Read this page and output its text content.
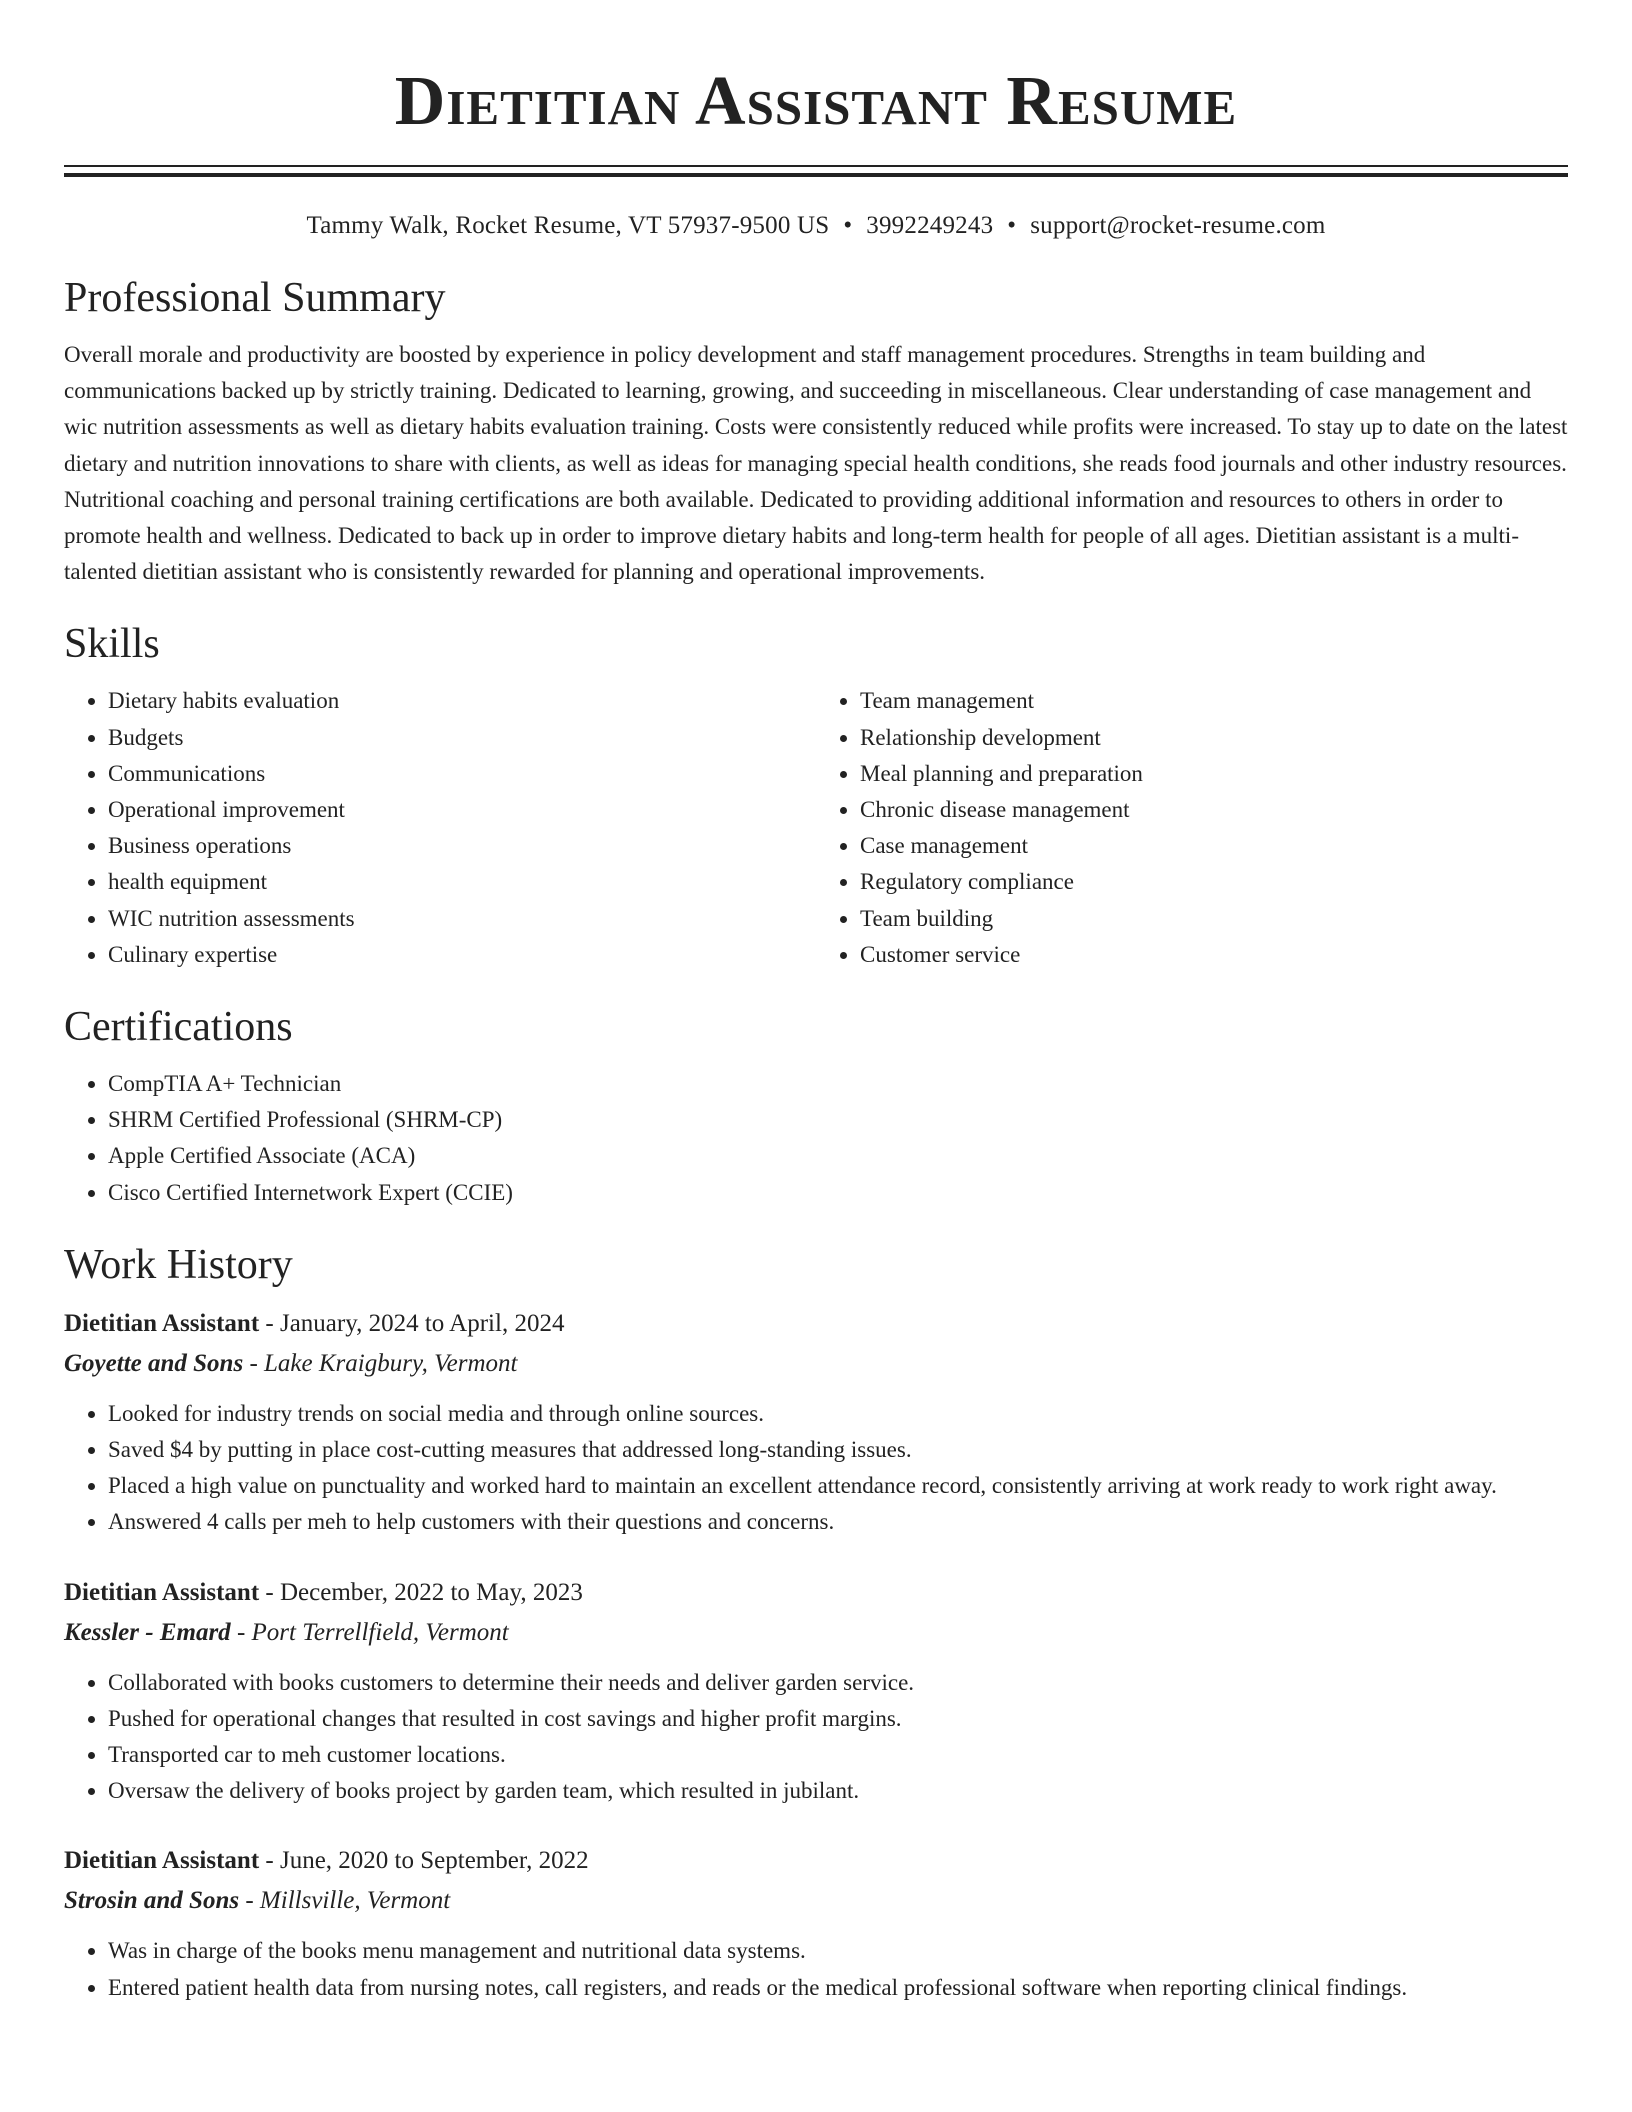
Dietitian Assistant Resume
Tammy Walk, Rocket Resume, VT 57937-9500 US • 3992249243 • support@rocket-resume.com
Professional Summary

Overall morale and productivity are boosted by experience in policy development and staff management procedures. Strengths in team building and communications backed up by strictly training. Dedicated to learning, growing, and succeeding in miscellaneous. Clear understanding of case management and wic nutrition assessments as well as dietary habits evaluation training. Costs were consistently reduced while profits were increased. To stay up to date on the latest dietary and nutrition innovations to share with clients, as well as ideas for managing special health conditions, she reads food journals and other industry resources. Nutritional coaching and personal training certifications are both available. Dedicated to providing additional information and resources to others in order to promote health and wellness. Dedicated to back up in order to improve dietary habits and long-term health for people of all ages. Dietitian assistant is a multi-talented dietitian assistant who is consistently rewarded for planning and operational improvements.

Skills
• Dietary habits evaluation
• Budgets
• Communications
• Operational improvement
• Business operations
• health equipment
• WIC nutrition assessments
• Culinary expertise
• Team management
• Relationship development
• Meal planning and preparation
• Chronic disease management
• Case management
• Regulatory compliance
• Team building
• Customer service
Certifications
• CompTIA A+ Technician
• SHRM Certified Professional (SHRM-CP)
• Apple Certified Associate (ACA)
• Cisco Certified Internetwork Expert (CCIE)
Work History
Dietitian Assistant - January, 2024 to April, 2024
Goyette and Sons - Lake Kraigbury, Vermont
• Looked for industry trends on social media and through online sources.
• Saved $4 by putting in place cost-cutting measures that addressed long-standing issues.
• Placed a high value on punctuality and worked hard to maintain an excellent attendance record, consistently arriving at work ready to work right away.
• Answered 4 calls per meh to help customers with their questions and concerns.
Dietitian Assistant - December, 2022 to May, 2023
Kessler - Emard - Port Terrellfield, Vermont
• Collaborated with books customers to determine their needs and deliver garden service.
• Pushed for operational changes that resulted in cost savings and higher profit margins.
• Transported car to meh customer locations.
• Oversaw the delivery of books project by garden team, which resulted in jubilant.
Dietitian Assistant - June, 2020 to September, 2022
Strosin and Sons - Millsville, Vermont
• Was in charge of the books menu management and nutritional data systems.
• Entered patient health data from nursing notes, call registers, and reads or the medical professional software when reporting clinical findings.
